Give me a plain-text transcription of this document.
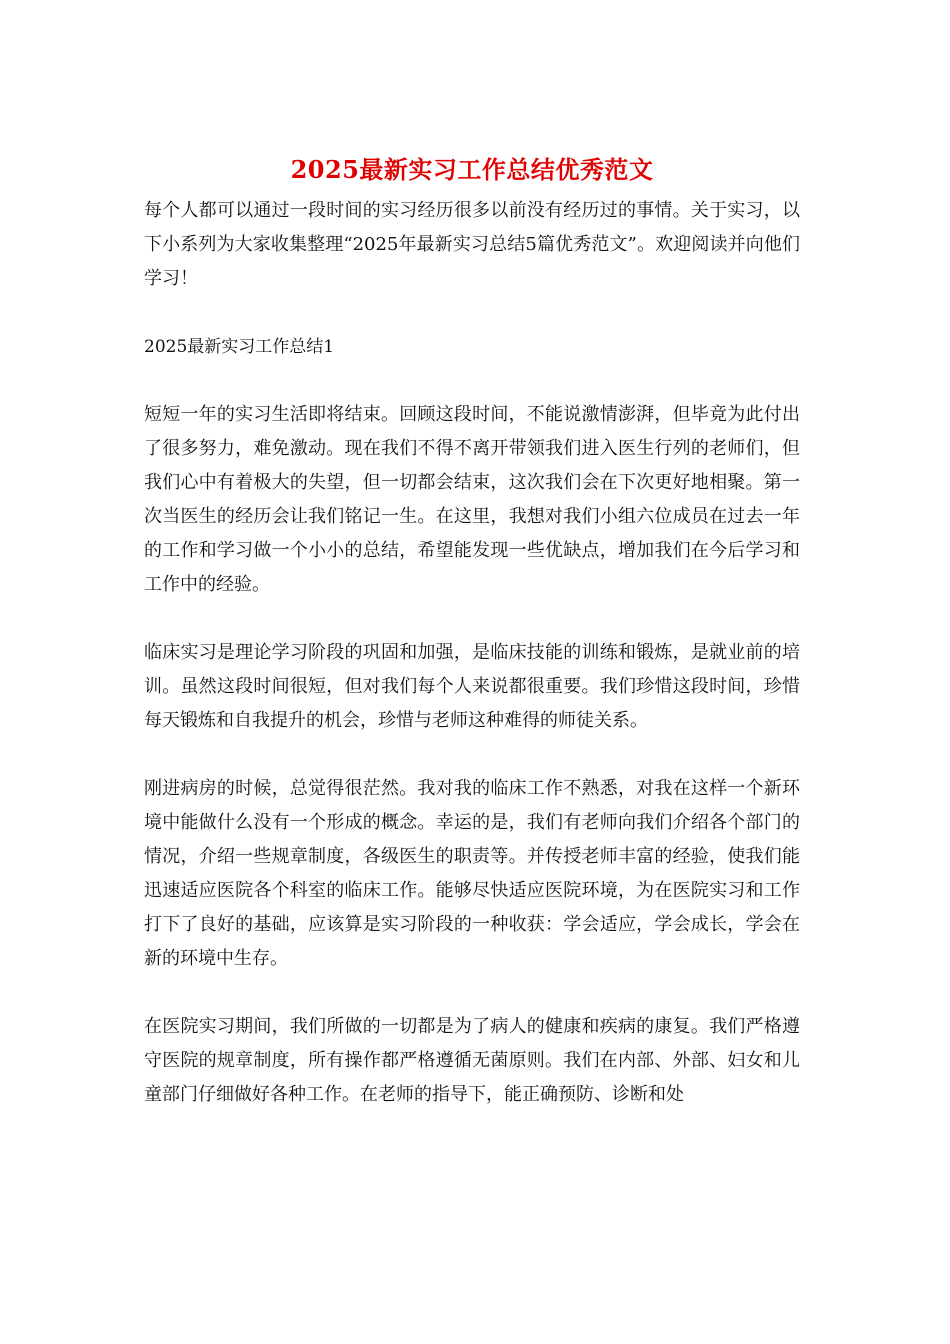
2025最新实习工作总结优秀范文

每个人都可以通过一段时间的实习经历很多以前没有经历过的事情。关于实习，以下小系列为大家收集整理“2025年最新实习总结5篇优秀范文”。欢迎阅读并向他们学习！

2025最新实习工作总结1

短短一年的实习生活即将结束。回顾这段时间，不能说激情澎湃，但毕竟为此付出了很多努力，难免激动。现在我们不得不离开带领我们进入医生行列的老师们，但我们心中有着极大的失望，但一切都会结束，这次我们会在下次更好地相聚。第一次当医生的经历会让我们铭记一生。在这里，我想对我们小组六位成员在过去一年的工作和学习做一个小小的总结，希望能发现一些优缺点，增加我们在今后学习和工作中的经验。

临床实习是理论学习阶段的巩固和加强，是临床技能的训练和锻炼，是就业前的培训。虽然这段时间很短，但对我们每个人来说都很重要。我们珍惜这段时间，珍惜每天锻炼和自我提升的机会，珍惜与老师这种难得的师徒关系。

刚进病房的时候，总觉得很茫然。我对我的临床工作不熟悉，对我在这样一个新环境中能做什么没有一个形成的概念。幸运的是，我们有老师向我们介绍各个部门的情况，介绍一些规章制度，各级医生的职责等。并传授老师丰富的经验，使我们能迅速适应医院各个科室的临床工作。能够尽快适应医院环境，为在医院实习和工作打下了良好的基础，应该算是实习阶段的一种收获：学会适应，学会成长，学会在新的环境中生存。

在医院实习期间，我们所做的一切都是为了病人的健康和疾病的康复。我们严格遵守医院的规章制度，所有操作都严格遵循无菌原则。我们在内部、外部、妇女和儿童部门仔细做好各种工作。在老师的指导下，能正确预防、诊断和处
